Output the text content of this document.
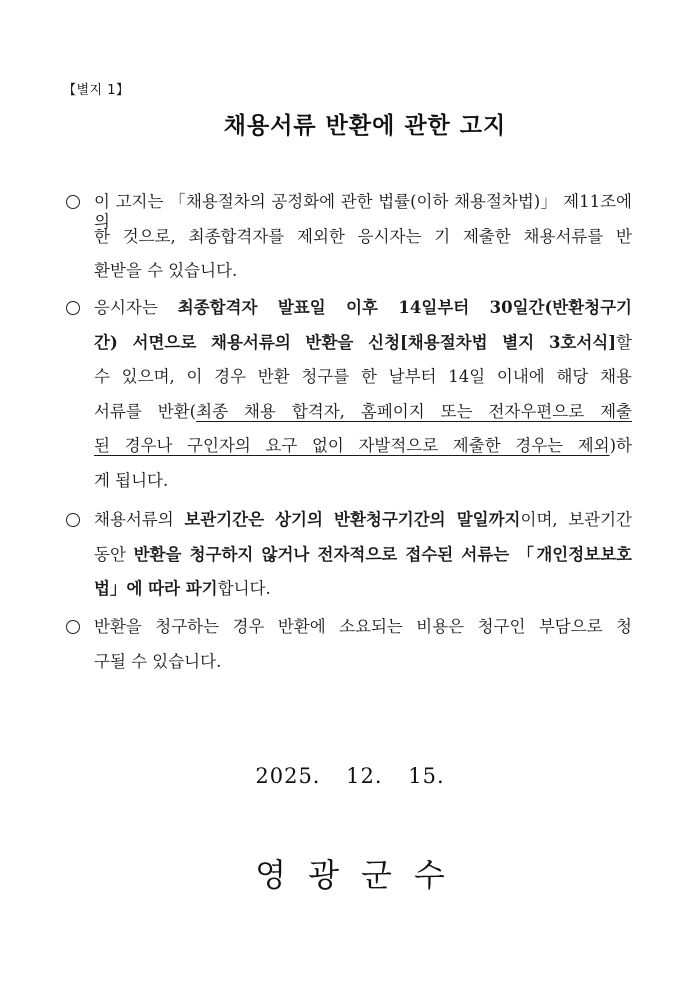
【별지 1】
채용서류 반환에 관한 고지
이 고지는 「채용절차의 공정화에 관한 법률(이하 채용절차법)」 제11조에 의
한 것으로, 최종합격자를 제외한 응시자는 기 제출한 채용서류를 반
환받을 수 있습니다.
응시자는 최종합격자 발표일 이후 14일부터 30일간(반환청구기
간) 서면으로 채용서류의 반환을 신청[채용절차법 별지 3호서식]할
수 있으며, 이 경우 반환 청구를 한 날부터 14일 이내에 해당 채용
서류를 반환(최종 채용 합격자, 홈페이지 또는 전자우편으로 제출
된 경우나 구인자의 요구 없이 자발적으로 제출한 경우는 제외)하
게 됩니다.
채용서류의 보관기간은 상기의 반환청구기간의 말일까지이며, 보관기간
동안 반환을 청구하지 않거나 전자적으로 접수된 서류는 「개인정보보호
법」에 따라 파기합니다.
반환을 청구하는 경우 반환에 소요되는 비용은 청구인 부담으로 청
구될 수 있습니다.
2025. 12. 15.
영광군수
